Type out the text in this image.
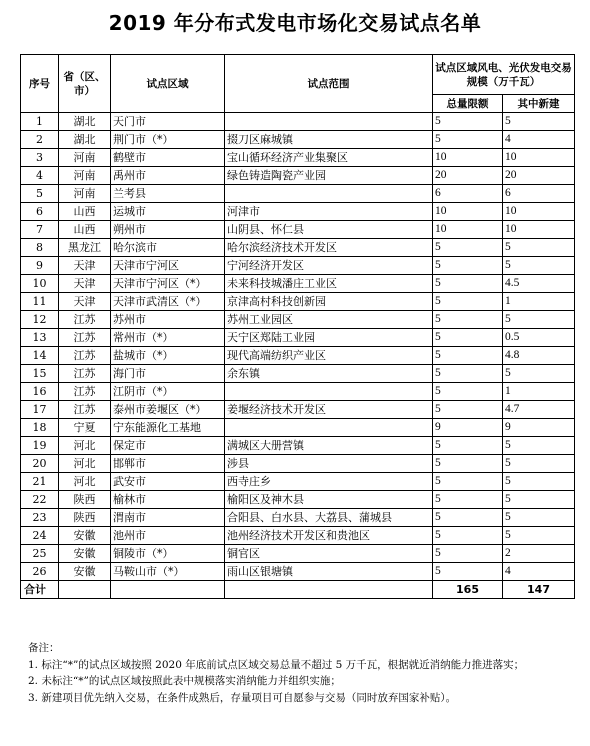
2019 年分布式发电市场化交易试点名单
序号	省（区、市）	试点区域	试点范围	试点区域风电、光伏发电交易规模（万千瓦）	
				总量限额	其中新建
1	湖北	天门市		5	5
2	湖北	荆门市（*）	掇刀区麻城镇	5	4
3	河南	鹤壁市	宝山循环经济产业集聚区	10	10
4	河南	禹州市	绿色铸造陶瓷产业园	20	20
5	河南	兰考县		6	6
6	山西	运城市	河津市	10	10
7	山西	朔州市	山阴县、怀仁县	10	10
8	黑龙江	哈尔滨市	哈尔滨经济技术开发区	5	5
9	天津	天津市宁河区	宁河经济开发区	5	5
10	天津	天津市宁河区（*）	未来科技城潘庄工业区	5	4.5
11	天津	天津市武清区（*）	京津高村科技创新园	5	1
12	江苏	苏州市	苏州工业园区	5	5
13	江苏	常州市（*）	天宁区郑陆工业园	5	0.5
14	江苏	盐城市（*）	现代高端纺织产业区	5	4.8
15	江苏	海门市	余东镇	5	5
16	江苏	江阴市（*）		5	1
17	江苏	泰州市姜堰区（*）	姜堰经济技术开发区	5	4.7
18	宁夏	宁东能源化工基地		9	9
19	河北	保定市	满城区大册营镇	5	5
20	河北	邯郸市	涉县	5	5
21	河北	武安市	西寺庄乡	5	5
22	陕西	榆林市	榆阳区及神木县	5	5
23	陕西	渭南市	合阳县、白水县、大荔县、蒲城县	5	5
24	安徽	池州市	池州经济技术开发区和贵池区	5	5
25	安徽	铜陵市（*）	铜官区	5	2
26	安徽	马鞍山市（*）	雨山区银塘镇	5	4
合计				165	147

备注：

1. 标注“*”的试点区域按照 2020 年底前试点区域交易总量不超过 5 万千瓦，根据就近消纳能力推进落实；

2. 未标注“*”的试点区域按照此表中规模落实消纳能力并组织实施；

3. 新建项目优先纳入交易，在条件成熟后，存量项目可自愿参与交易（同时放弃国家补贴）。
